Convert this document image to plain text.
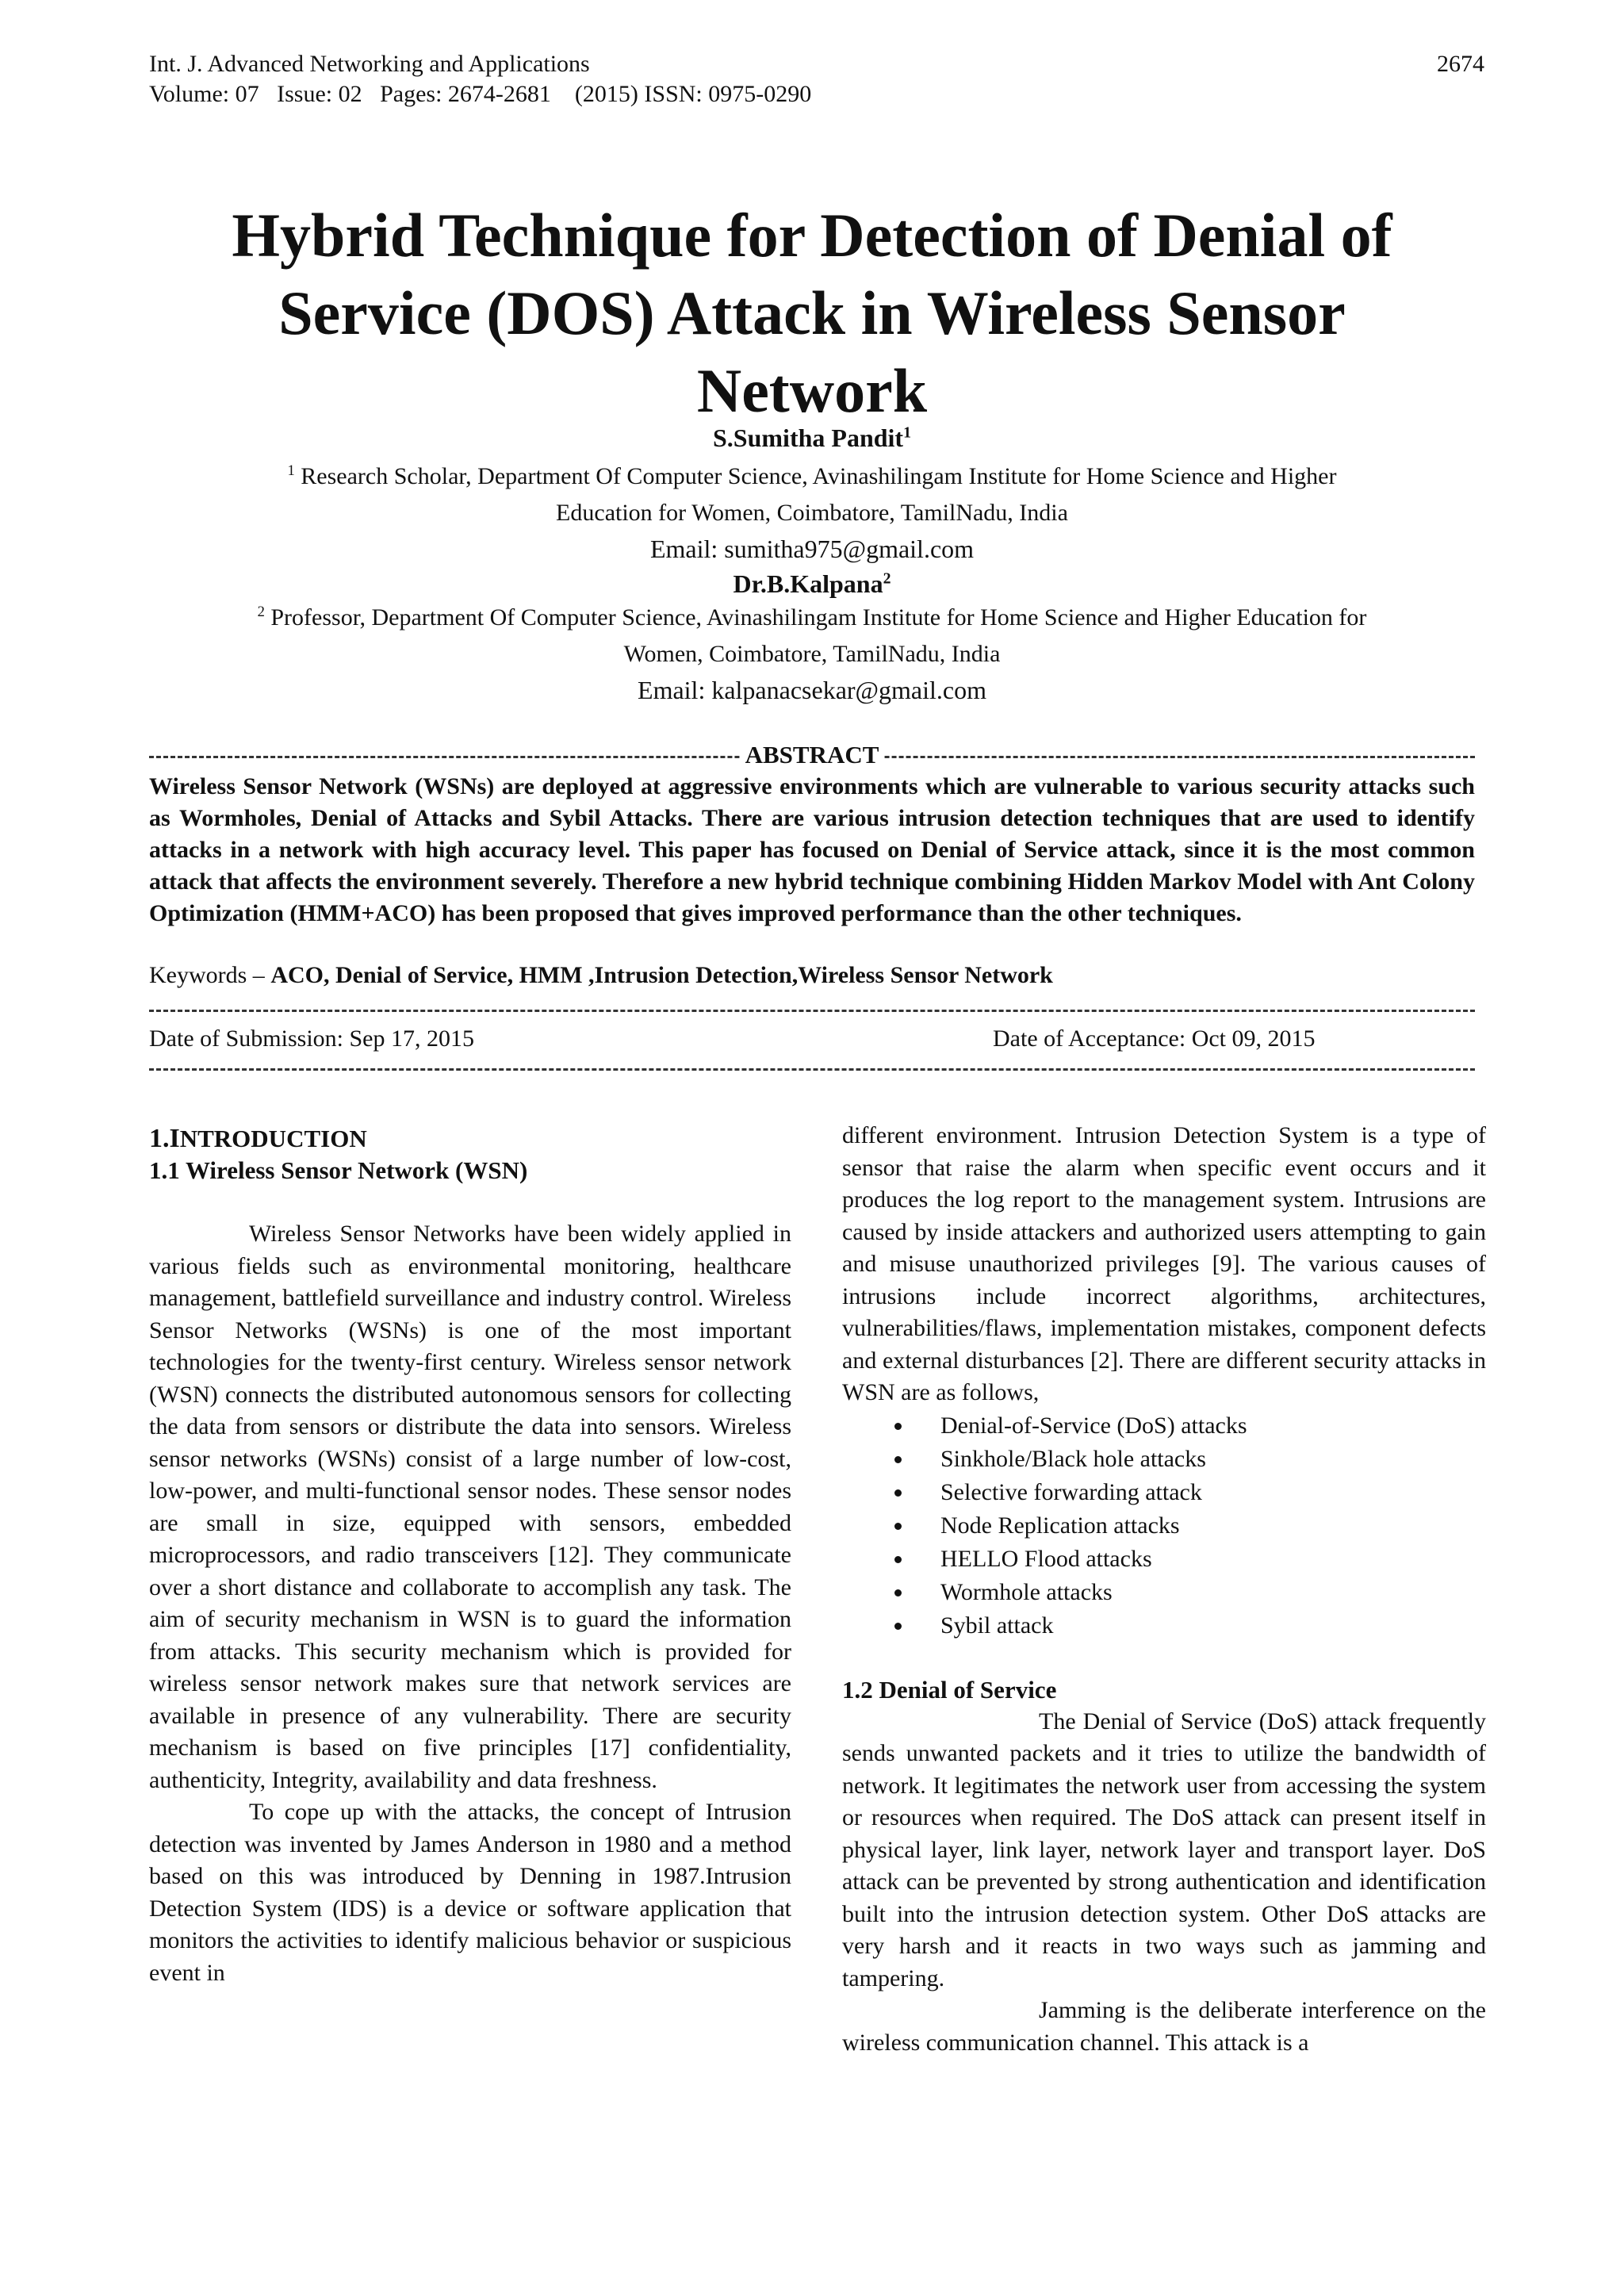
Int. J. Advanced Networking and Applications
Volume: 07   Issue: 02   Pages: 2674-2681    (2015) ISSN: 0975-0290
2674
Hybrid Technique for Detection of Denial of
Service (DOS) Attack in Wireless Sensor
Network
S.Sumitha Pandit$^1$
$^1$ Research Scholar, Department Of Computer Science, Avinashilingam Institute for Home Science and Higher
Education for Women, Coimbatore, TamilNadu, India
Email: sumitha975@gmail.com
Dr.B.Kalpana$^2$
$^2$ Professor, Department Of Computer Science, Avinashilingam Institute for Home Science and Higher Education for
Women, Coimbatore, TamilNadu, India
Email: kalpanacsekar@gmail.com
ABSTRACT
Wireless Sensor Network (WSNs) are deployed at aggressive environments which are vulnerable to various security attacks such as Wormholes, Denial of Attacks and Sybil Attacks. There are various intrusion detection techniques that are used to identify attacks in a network with high accuracy level. This paper has focused on Denial of Service attack, since it is the most common attack that affects the environment severely. Therefore a new hybrid technique combining Hidden Markov Model with Ant Colony Optimization (HMM+ACO) has been proposed that gives improved performance than the other techniques.
Keywords – ACO, Denial of Service, HMM ,Intrusion Detection,Wireless Sensor Network
Date of Submission: Sep 17, 2015	Date of Acceptance: Oct 09, 2015
1.INTRODUCTION
1.1 Wireless Sensor Network (WSN)

Wireless Sensor Networks have been widely applied in various fields such as environmental monitoring, healthcare management, battlefield surveillance and industry control. Wireless Sensor Networks (WSNs) is one of the most important technologies for the twenty-first century. Wireless sensor network (WSN) connects the distributed autonomous sensors for collecting the data from sensors or distribute the data into sensors. Wireless sensor networks (WSNs) consist of a large number of low-cost, low-power, and multi-functional sensor nodes. These sensor nodes are small in size, equipped with sensors, embedded microprocessors, and radio transceivers [12]. They communicate over a short distance and collaborate to accomplish any task. The aim of security mechanism in WSN is to guard the information from attacks. This security mechanism which is provided for wireless sensor network makes sure that network services are available in presence of any vulnerability. There are security mechanism is based on five principles [17] confidentiality, authenticity, Integrity, availability and data freshness.

To cope up with the attacks, the concept of Intrusion detection was invented by James Anderson in 1980 and a method based on this was introduced by Denning in 1987.Intrusion Detection System (IDS) is a device or software application that monitors the activities to identify malicious behavior or suspicious event in

different environment. Intrusion Detection System is a type of sensor that raise the alarm when specific event occurs and it produces the log report to the management system. Intrusions are caused by inside attackers and authorized users attempting to gain and misuse unauthorized privileges [9]. The various causes of intrusions include incorrect algorithms, architectures, vulnerabilities/flaws, implementation mistakes, component defects and external disturbances [2]. There are different security attacks in WSN are as follows,

Denial-of-Service (DoS) attacks
Sinkhole/Black hole attacks
Selective forwarding attack
Node Replication attacks
HELLO Flood attacks
Wormhole attacks
Sybil attack
1.2 Denial of Service

The Denial of Service (DoS) attack frequently sends unwanted packets and it tries to utilize the bandwidth of network. It legitimates the network user from accessing the system or resources when required. The DoS attack can present itself in physical layer, link layer, network layer and transport layer. DoS attack can be prevented by strong authentication and identification built into the intrusion detection system. Other DoS attacks are very harsh and it reacts in two ways such as jamming and tampering.

Jamming is the deliberate interference on the wireless communication channel. This attack is a
